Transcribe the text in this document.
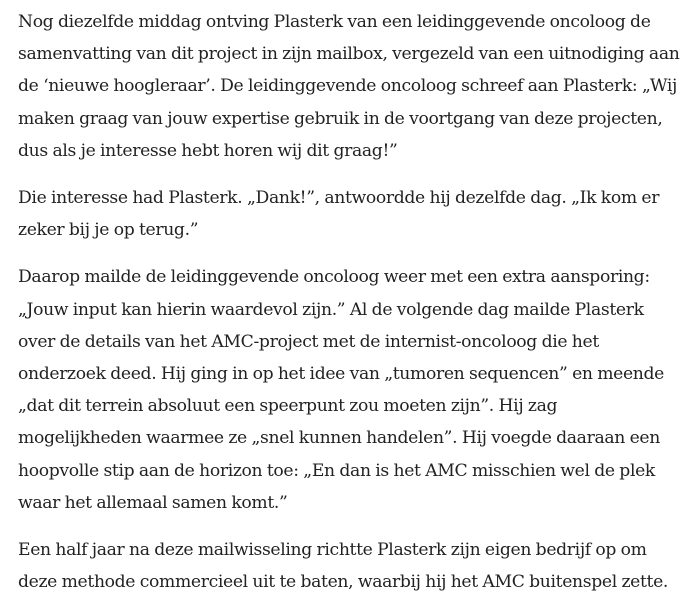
Nog diezelfde middag ontving Plasterk van een leidinggevende oncoloog de samenvatting van dit project in zijn mailbox, vergezeld van een uitnodiging aan de ‘nieuwe hoogleraar’. De leidinggevende oncoloog schreef aan Plasterk: „Wij maken graag van jouw expertise gebruik in de voortgang van deze projecten, dus als je interesse hebt horen wij dit graag!”

Die interesse had Plasterk. „Dank!”, antwoordde hij dezelfde dag. „Ik kom er zeker bij je op terug.”

Daarop mailde de leidinggevende oncoloog weer met een extra aansporing: „Jouw input kan hierin waardevol zijn.” Al de volgende dag mailde Plasterk over de details van het AMC-project met de internist-oncoloog die het onderzoek deed. Hij ging in op het idee van „tumoren sequencen” en meende „dat dit terrein absoluut een speerpunt zou moeten zijn”. Hij zag mogelijkheden waarmee ze „snel kunnen handelen”. Hij voegde daaraan een hoopvolle stip aan de horizon toe: „En dan is het AMC misschien wel de plek waar het allemaal samen komt.”

Een half jaar na deze mailwisseling richtte Plasterk zijn eigen bedrijf op om deze methode commercieel uit te baten, waarbij hij het AMC buitenspel zette.
